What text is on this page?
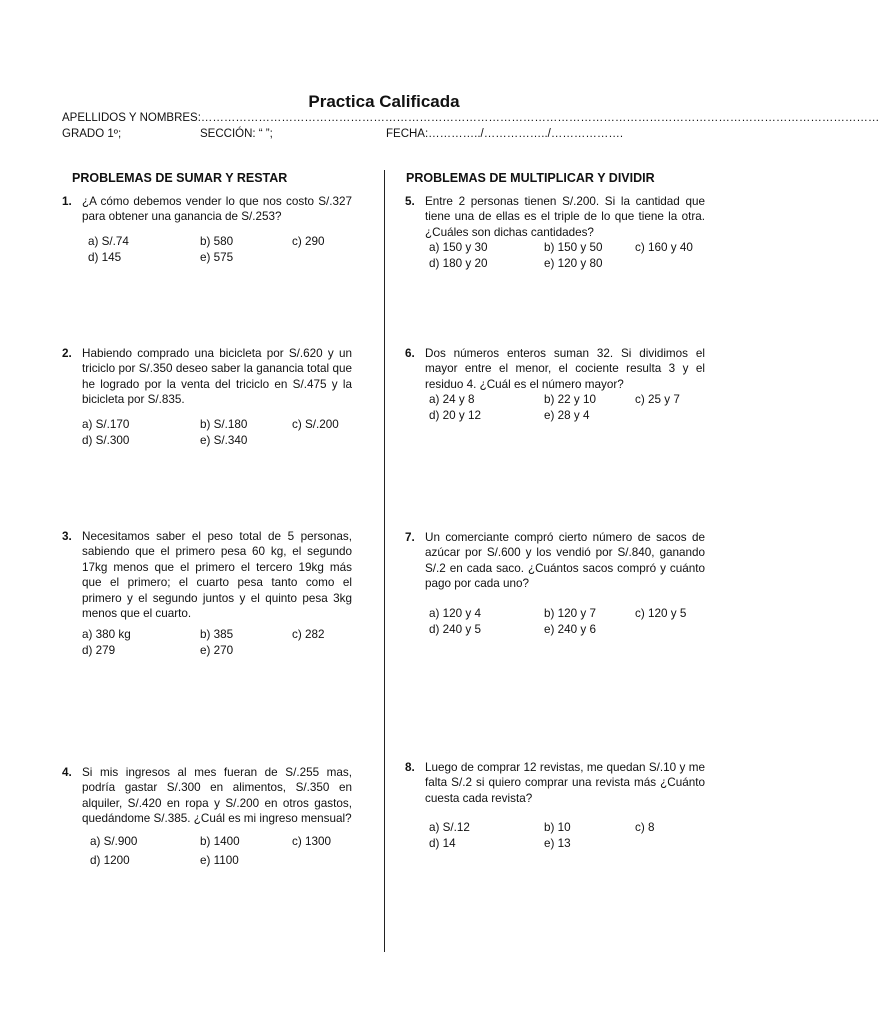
Practica Calificada
APELLIDOS Y NOMBRES:……………………………………………………………………………………………………………………………………………………………
GRADO 1º;	SECCIÓN: “ ”;	FECHA:…………../……………../……………….
PROBLEMAS DE SUMAR Y RESTAR	PROBLEMAS DE MULTIPLICAR Y DIVIDIR
1. ¿A cómo debemos vender lo que nos costo S/.327 para obtener una ganancia de S/.253?
a) S/.74	b) 580	c) 290
d) 145	e) 575
2. Habiendo comprado una bicicleta por S/.620 y un triciclo por S/.350 deseo saber la ganancia total que he logrado por la venta del triciclo en S/.475 y la bicicleta por S/.835.
a) S/.170	b) S/.180	c) S/.200
d) S/.300	e) S/.340
3. Necesitamos saber el peso total de 5 personas, sabiendo que el primero pesa 60 kg, el segundo 17kg menos que el primero el tercero 19kg más que el primero; el cuarto pesa tanto como el primero y el segundo juntos y el quinto pesa 3kg menos que el cuarto.
a) 380 kg	b) 385	c) 282
d) 279	e) 270
4. Si mis ingresos al mes fueran de S/.255 mas, podría gastar S/.300 en alimentos, S/.350 en alquiler, S/.420 en ropa y S/.200 en otros gastos, quedándome S/.385. ¿Cuál es mi ingreso mensual?
a) S/.900	b) 1400	c) 1300
d) 1200	e) 1100
5. Entre 2 personas tienen S/.200. Si la cantidad que tiene una de ellas es el triple de lo que tiene la otra. ¿Cuáles son dichas cantidades?
a) 150 y 30	b) 150 y 50	c) 160 y 40
d) 180 y 20	e) 120 y 80
6. Dos números enteros suman 32. Si dividimos el mayor entre el menor, el cociente resulta 3 y el residuo 4. ¿Cuál es el número mayor?
a) 24 y 8	b) 22 y 10	c) 25 y 7
d) 20 y 12	e) 28 y 4
7. Un comerciante compró cierto número de sacos de azúcar por S/.600 y los vendió por S/.840, ganando S/.2 en cada saco. ¿Cuántos sacos compró y cuánto pago por cada uno?
a) 120 y 4	b) 120 y 7	c) 120 y 5
d) 240 y 5	e) 240 y 6
8. Luego de comprar 12 revistas, me quedan S/.10 y me falta S/.2 si quiero comprar una revista más ¿Cuánto cuesta cada revista?
a) S/.12	b) 10	c) 8
d) 14	e) 13
